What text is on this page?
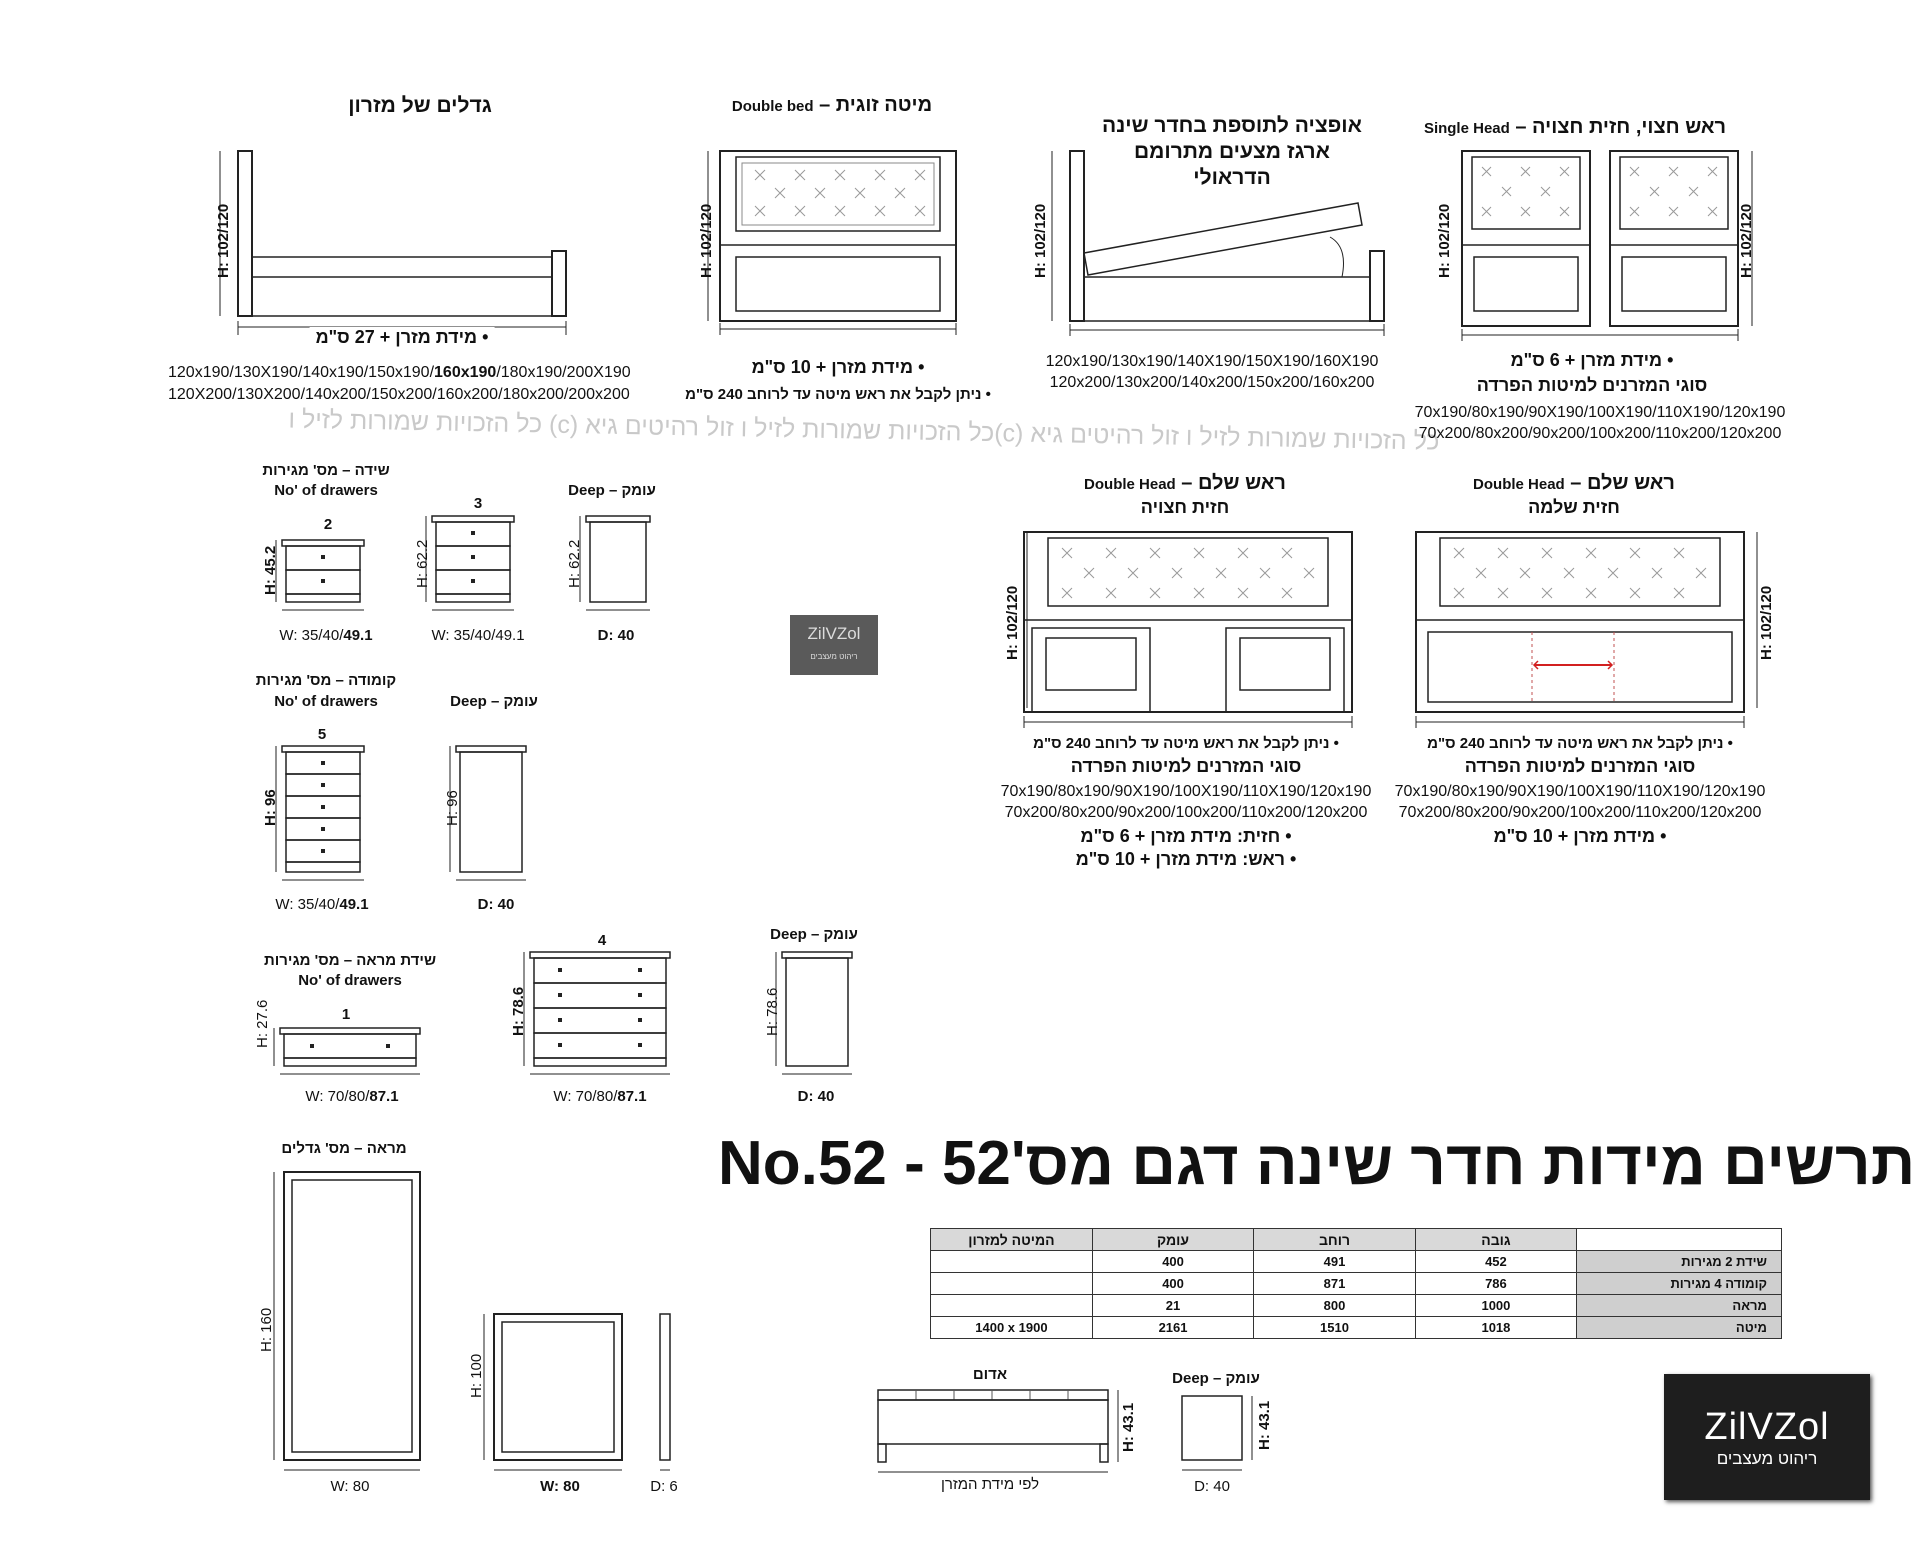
כל הזכויות שמורות לזיל ו זול רהיטים גיא (c)כל הזכויות שמורות לזיל ו זול רהיטים גיא (c) כל הזכויות שמורות לזיל ו
גדלים של מזרון
H: 102/120
• מידת מזרן + 27 ס"מ
120x190/130X190/140x190/150x190/160x190/180x190/200X190
120X200/130X200/140x200/150x200/160x200/180x200/200x200
Double bed – מיטה זוגית
H: 102/120
• מידת מזרן + 10 ס"מ
• ניתן לקבל את ראש מיטה עד לרוחב 240 ס"מ
אופציה לתוספת בחדר שינה
ארגז מצעים מתרומם
הדראולי
H: 102/120
120x190/130x190/140X190/150X190/160X190
120x200/130x200/140x200/150x200/160x200
Single Head – ראש חצוי, חזית חצויה
H: 102/120	H: 102/120
• מידת מזרן + 6 ס"מ
סוגי המזרנים למיטות הפרדה
70x190/80x190/90X190/100X190/110X190/120x190
70x200/80x200/90x200/100x200/110x200/120x200
Double Head – ראש שלם
חזית חצויה
H: 102/120
• ניתן לקבל את ראש מיטה עד לרוחב 240 ס"מ
סוגי המזרנים למיטות הפרדה
70x190/80x190/90X190/100X190/110X190/120x190
70x200/80x200/90x200/100x200/110x200/120x200
• חזית: מידת מזרן + 6 ס"מ
• ראש: מידת מזרן + 10 ס"מ
Double Head – ראש שלם
חזית שלמה
H: 102/120
• ניתן לקבל את ראש מיטה עד לרוחב 240 ס"מ
סוגי המזרנים למיטות הפרדה
70x190/80x190/90X190/100X190/110X190/120x190
70x200/80x200/90x200/100x200/110x200/120x200
• מידת מזרן + 10 ס"מ
שידה – מס' מגירות
No' of drawers	Deep – עומק
2
3
H: 45.2	H: 62.2	H: 62.2
W: 35/40/49.1	W: 35/40/49.1	D: 40	ZilVZol
ריהוט מעצבים
קומודה – מס' מגירות
No' of drawers	Deep – עומק
5
H: 96	H: 96
W: 35/40/49.1	D: 40
שידת מראה – מס' מגירות
No' of drawers
Deep – עומק
1
4
H: 27.6	H: 78.6	H: 78.6
W: 70/80/87.1	W: 70/80/87.1	D: 40
מראה – מס' גדלים
H: 160
W: 80
H: 100
W: 80	D: 6
תרשים מידות חדר שינה דגם מס'52 - No.52
המיטה למזרון	עומק	רוחב	גובה	
	400	491	452	שידת 2 מגירות
	400	871	786	קומודה 4 מגירות
	21	800	1000	מראה
1400 x 1900	2161	1510	1018	מיטה
אדום
H: 43.1
לפי מידת המזרן
Deep – עומק
H: 43.1
D: 40
ZilVZol
ריהוט מעצבים
